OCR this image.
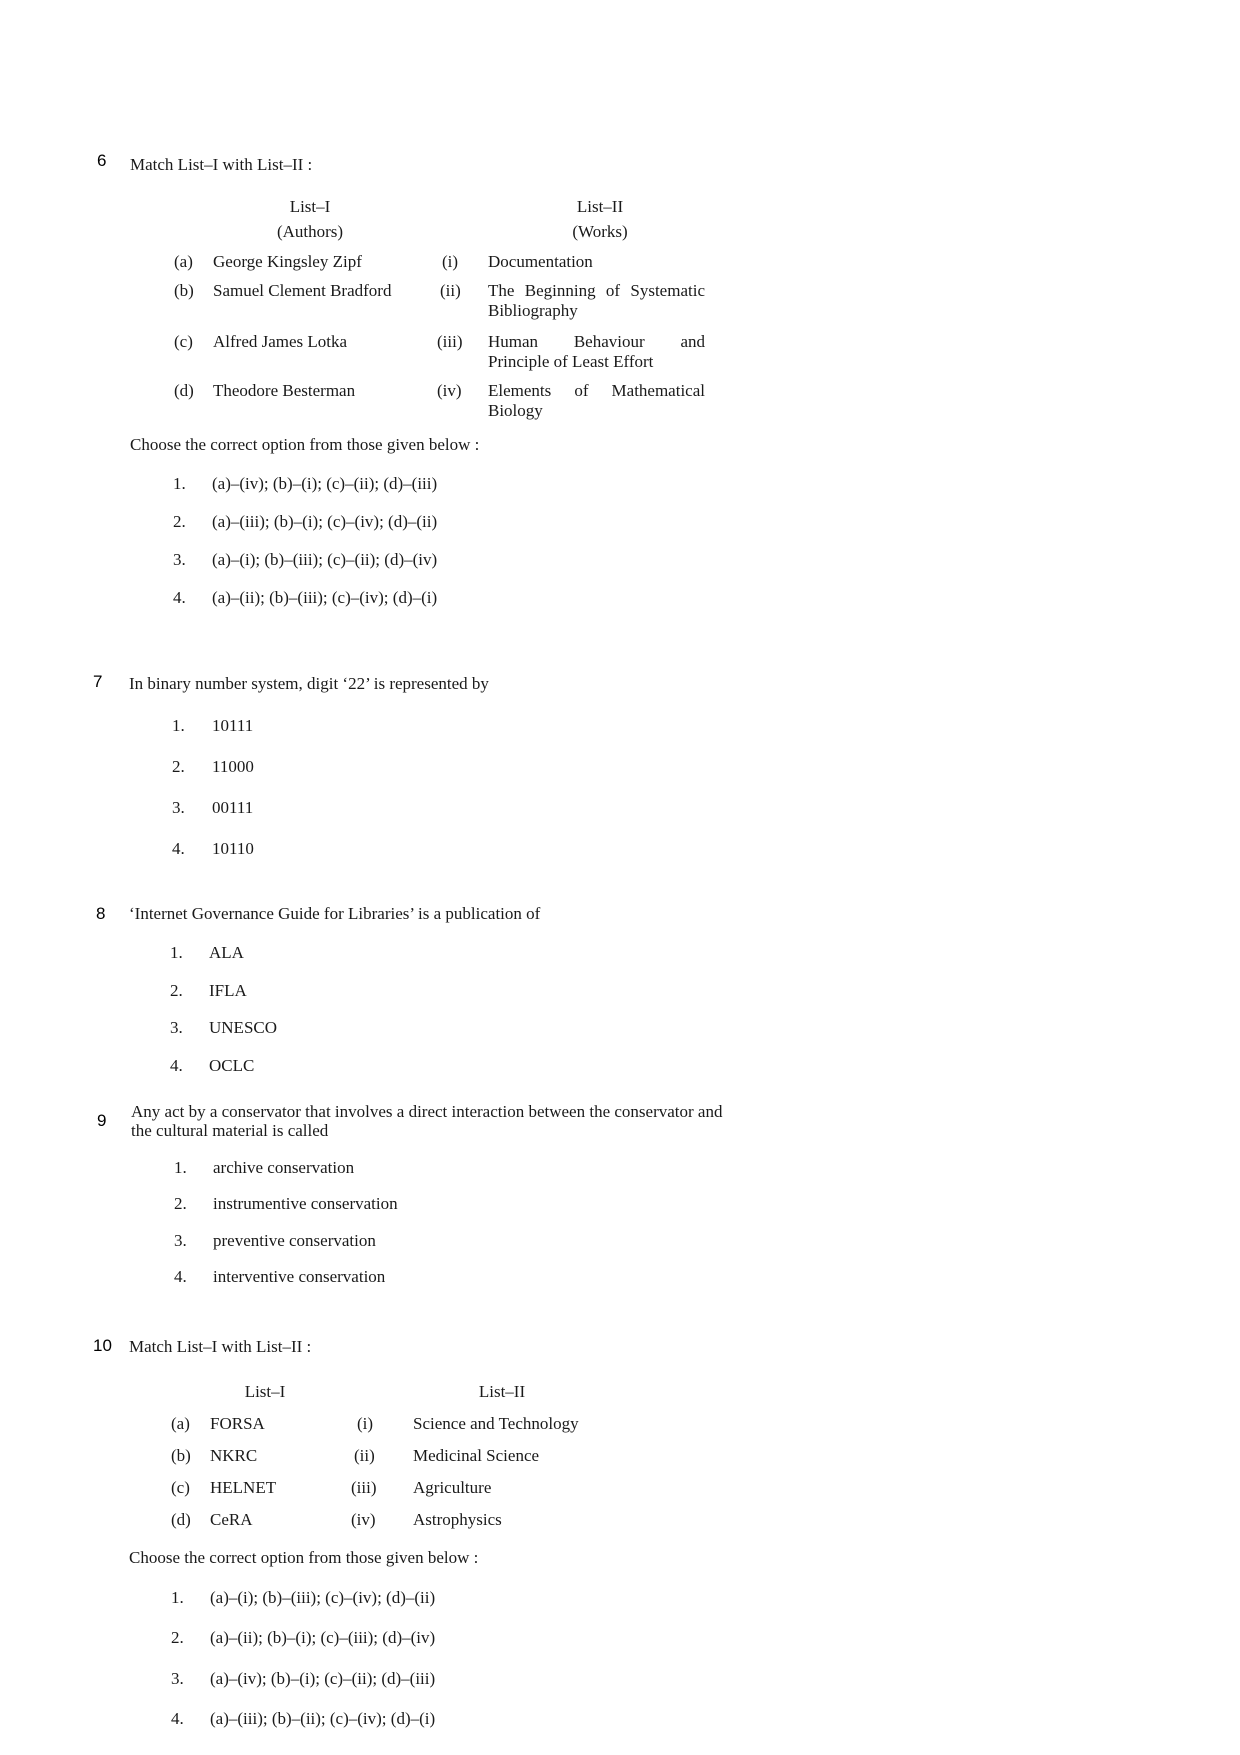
6 Match List–I with List–II :
List–I
(Authors)
List–II
(Works)
(a) George Kingsley Zipf	(i) Documentation
(b) Samuel Clement Bradford	(ii) The Beginning of Systematic
Bibliography
(c) Alfred James Lotka	(iii) Human Behaviour and
Principle of Least Effort
(d) Theodore Besterman	(iv) Elements of Mathematical
Biology
Choose the correct option from those given below :
1. (a)–(iv); (b)–(i); (c)–(ii); (d)–(iii)
2. (a)–(iii); (b)–(i); (c)–(iv); (d)–(ii)
3. (a)–(i); (b)–(iii); (c)–(ii); (d)–(iv)
4. (a)–(ii); (b)–(iii); (c)–(iv); (d)–(i)
7 In binary number system, digit ‘22’ is represented by
1. 10111
2. 11000
3. 00111
4. 10110
8 ‘Internet Governance Guide for Libraries’ is a publication of
1. ALA
2. IFLA
3. UNESCO
4. OCLC
9 Any act by a conservator that involves a direct interaction between the conservator and
the cultural material is called
1. archive conservation
2. instrumentive conservation
3. preventive conservation
4. interventive conservation
10 Match List–I with List–II :
List–I	List–II
(a) FORSA	(i) Science and Technology
(b) NKRC	(ii) Medicinal Science
(c) HELNET	(iii) Agriculture
(d) CeRA	(iv) Astrophysics
Choose the correct option from those given below :
1. (a)–(i); (b)–(iii); (c)–(iv); (d)–(ii)
2. (a)–(ii); (b)–(i); (c)–(iii); (d)–(iv)
3. (a)–(iv); (b)–(i); (c)–(ii); (d)–(iii)
4. (a)–(iii); (b)–(ii); (c)–(iv); (d)–(i)
